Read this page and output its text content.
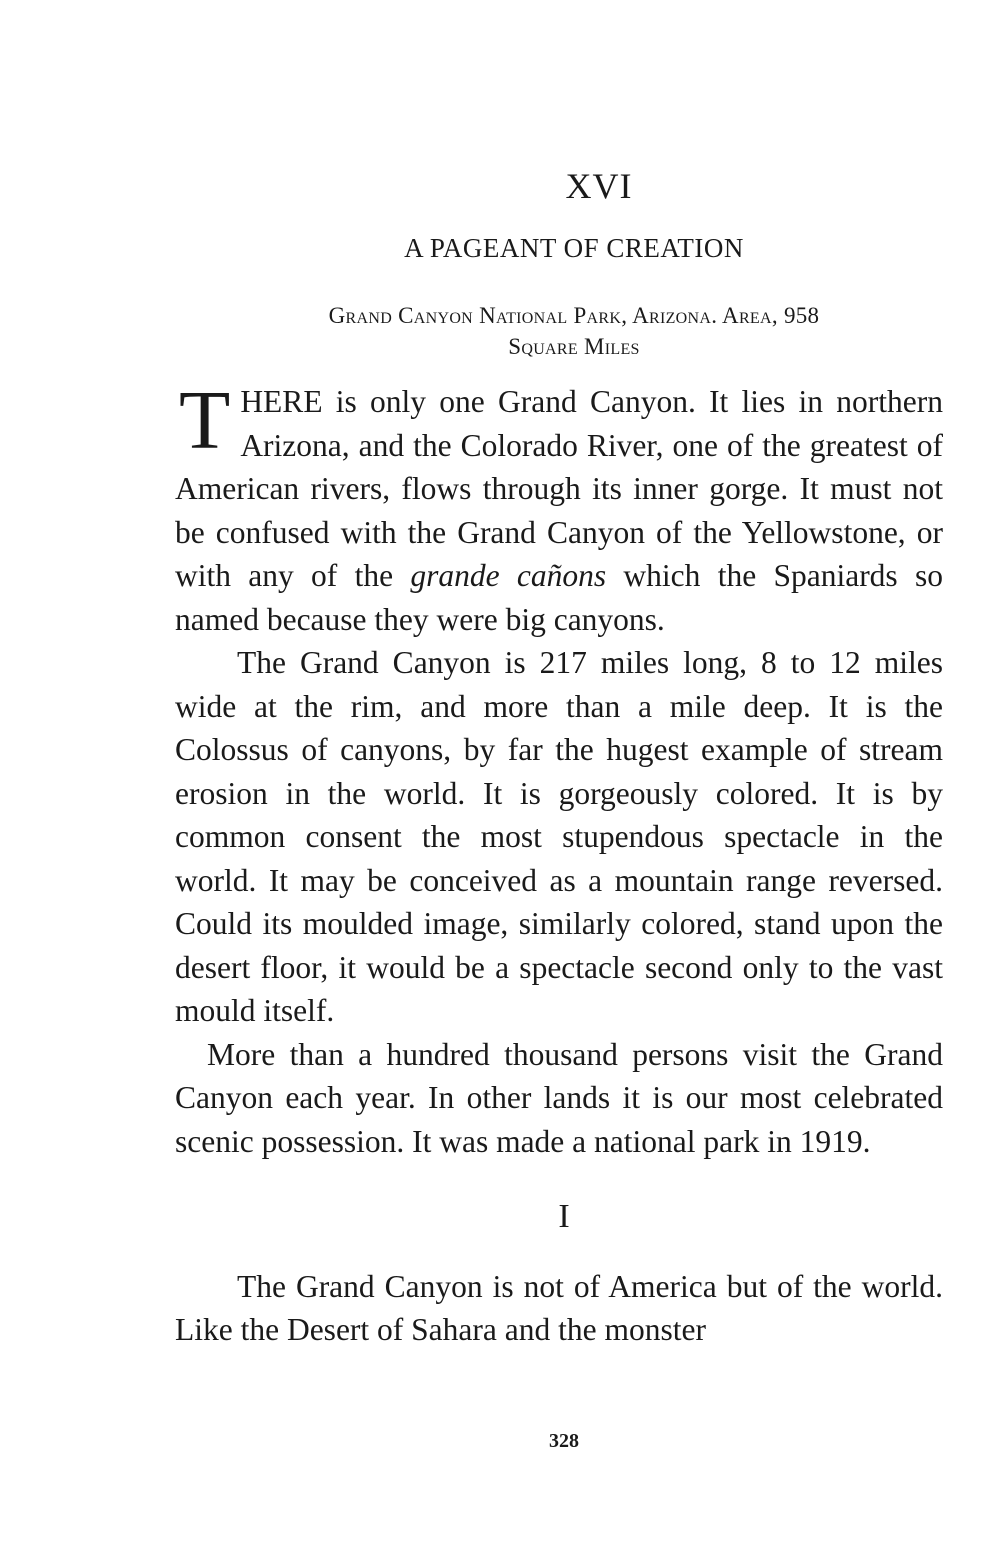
XVI
A PAGEANT OF CREATION
Grand Canyon National Park, Arizona. Area, 958
Square Miles

THERE is only one Grand Canyon. It lies in northern Arizona, and the Colorado River, one of the greatest of American rivers, flows through its inner gorge. It must not be confused with the Grand Canyon of the Yellowstone, or with any of the grande cañons which the Spaniards so named because they were big canyons.

The Grand Canyon is 217 miles long, 8 to 12 miles wide at the rim, and more than a mile deep. It is the Colossus of canyons, by far the hugest example of stream erosion in the world. It is gorgeously colored. It is by common consent the most stupendous spectacle in the world. It may be conceived as a mountain range reversed. Could its moulded image, similarly colored, stand upon the desert floor, it would be a spectacle second only to the vast mould itself.

More than a hundred thousand persons visit the Grand Canyon each year. In other lands it is our most celebrated scenic possession. It was made a national park in 1919.

I

The Grand Canyon is not of America but of the world. Like the Desert of Sahara and the monster

328
